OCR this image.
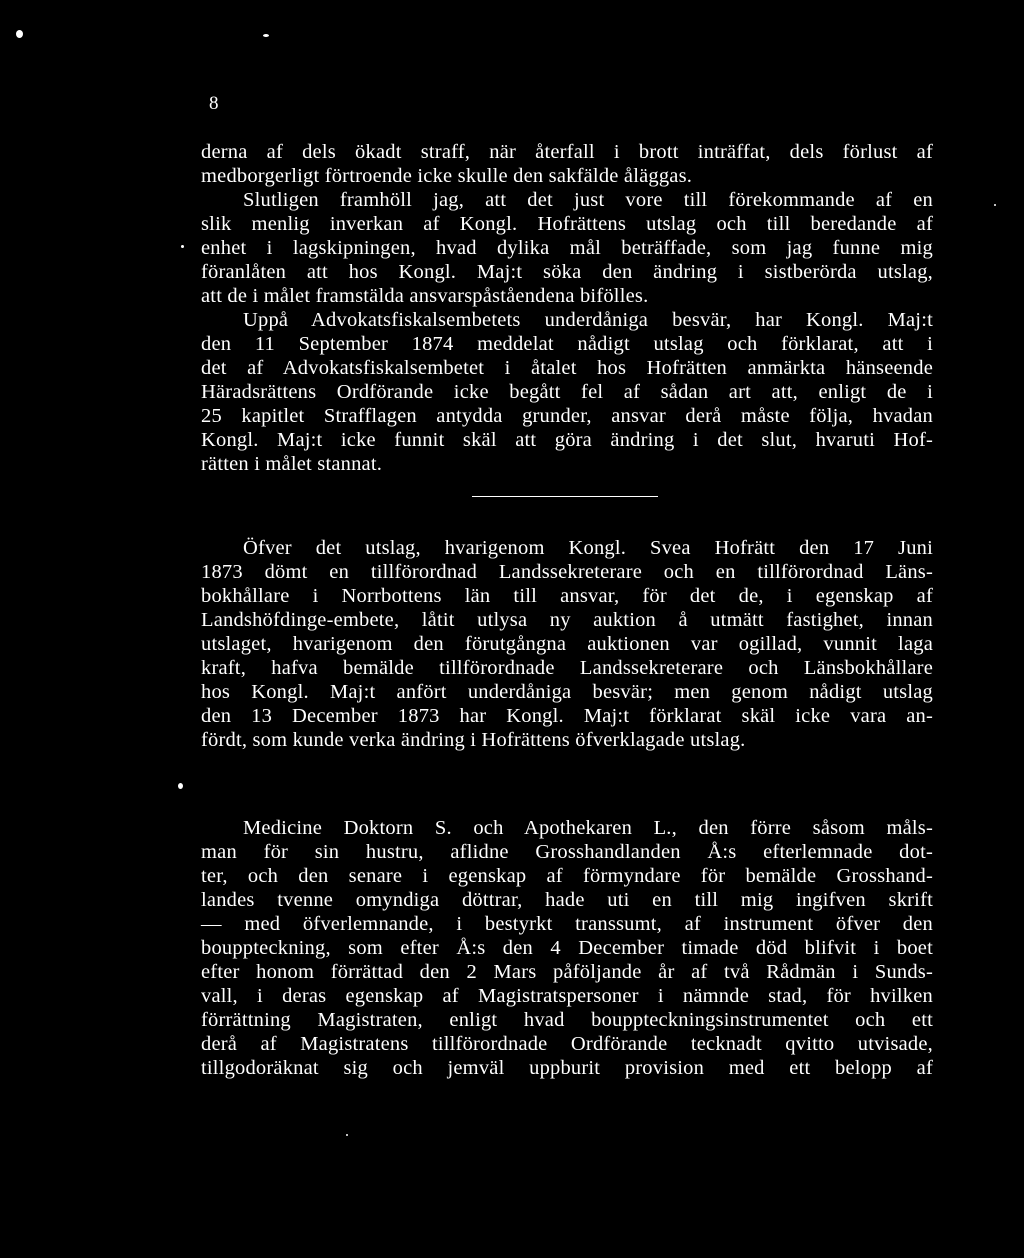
8
derna af dels ökadt straff, när återfall i brott inträffat, dels förlust af
medborgerligt förtroende icke skulle den sakfälde åläggas.
Slutligen framhöll jag, att det just vore till förekommande af en
slik menlig inverkan af Kongl. Hofrättens utslag och till beredande af
enhet i lagskipningen, hvad dylika mål beträffade, som jag funne mig
föranlåten att hos Kongl. Maj:t söka den ändring i sistberörda utslag,
att de i målet framstälda ansvarspåståendena bifölles.
Uppå Advokatsfiskalsembetets underdåniga besvär, har Kongl. Maj:t
den 11 September 1874 meddelat nådigt utslag och förklarat, att i
det af Advokatsfiskalsembetet i åtalet hos Hofrätten anmärkta hänseende
Häradsrättens Ordförande icke begått fel af sådan art att, enligt de i
25 kapitlet Strafflagen antydda grunder, ansvar derå måste följa, hvadan
Kongl. Maj:t icke funnit skäl att göra ändring i det slut, hvaruti Hof-
rätten i målet stannat.
Öfver det utslag, hvarigenom Kongl. Svea Hofrätt den 17 Juni
1873 dömt en tillförordnad Landssekreterare och en tillförordnad Läns-
bokhållare i Norrbottens län till ansvar, för det de, i egenskap af
Landshöfdinge-embete, låtit utlysa ny auktion å utmätt fastighet, innan
utslaget, hvarigenom den förutgångna auktionen var ogillad, vunnit laga
kraft, hafva bemälde tillförordnade Landssekreterare och Länsbokhållare
hos Kongl. Maj:t anfört underdåniga besvär; men genom nådigt utslag
den 13 December 1873 har Kongl. Maj:t förklarat skäl icke vara an-
fördt, som kunde verka ändring i Hofrättens öfverklagade utslag.
Medicine Doktorn S. och Apothekaren L., den förre såsom måls-
man för sin hustru, aflidne Grosshandlanden Å:s efterlemnade dot-
ter, och den senare i egenskap af förmyndare för bemälde Grosshand-
landes tvenne omyndiga döttrar, hade uti en till mig ingifven skrift
— med öfverlemnande, i bestyrkt transsumt, af instrument öfver den
bouppteckning, som efter Å:s den 4 December timade död blifvit i boet
efter honom förrättad den 2 Mars påföljande år af två Rådmän i Sunds-
vall, i deras egenskap af Magistratspersoner i nämnde stad, för hvilken
förrättning Magistraten, enligt hvad bouppteckningsinstrumentet och ett
derå af Magistratens tillförordnade Ordförande tecknadt qvitto utvisade,
tillgodoräknat sig och jemväl uppburit provision med ett belopp af
